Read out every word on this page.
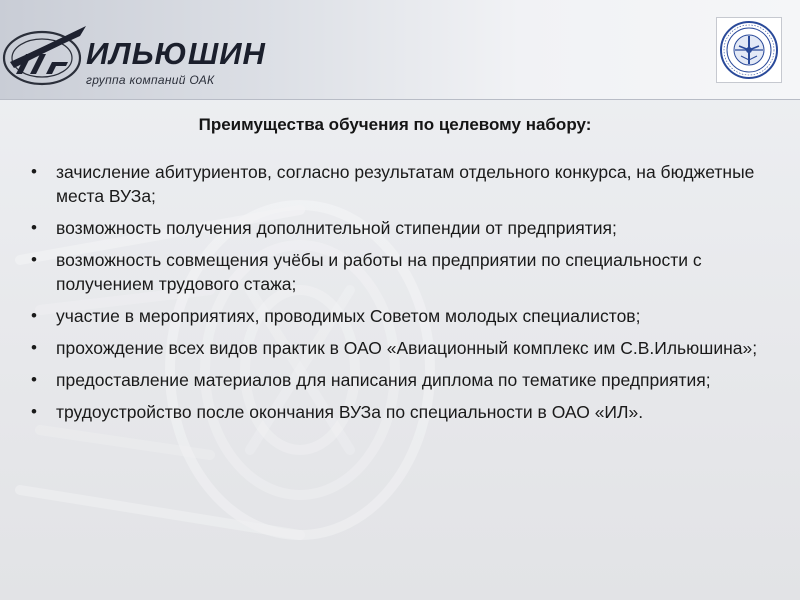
ИЛЬЮШИН
группа компаний ОАК
Преимущества обучения по целевому набору:
• зачисление абитуриентов, согласно результатам отдельного конкурса, на бюджетные места ВУЗа;
• возможность получения дополнительной стипендии от предприятия;
• возможность совмещения учёбы и работы на предприятии по специальности с получением трудового стажа;
• участие в мероприятиях, проводимых Советом молодых специалистов;
• прохождение всех видов практик в ОАО «Авиационный комплекс им С.В.Ильюшина»;
• предоставление материалов для написания диплома по тематике предприятия;
• трудоустройство после окончания ВУЗа по специальности в ОАО «ИЛ».
